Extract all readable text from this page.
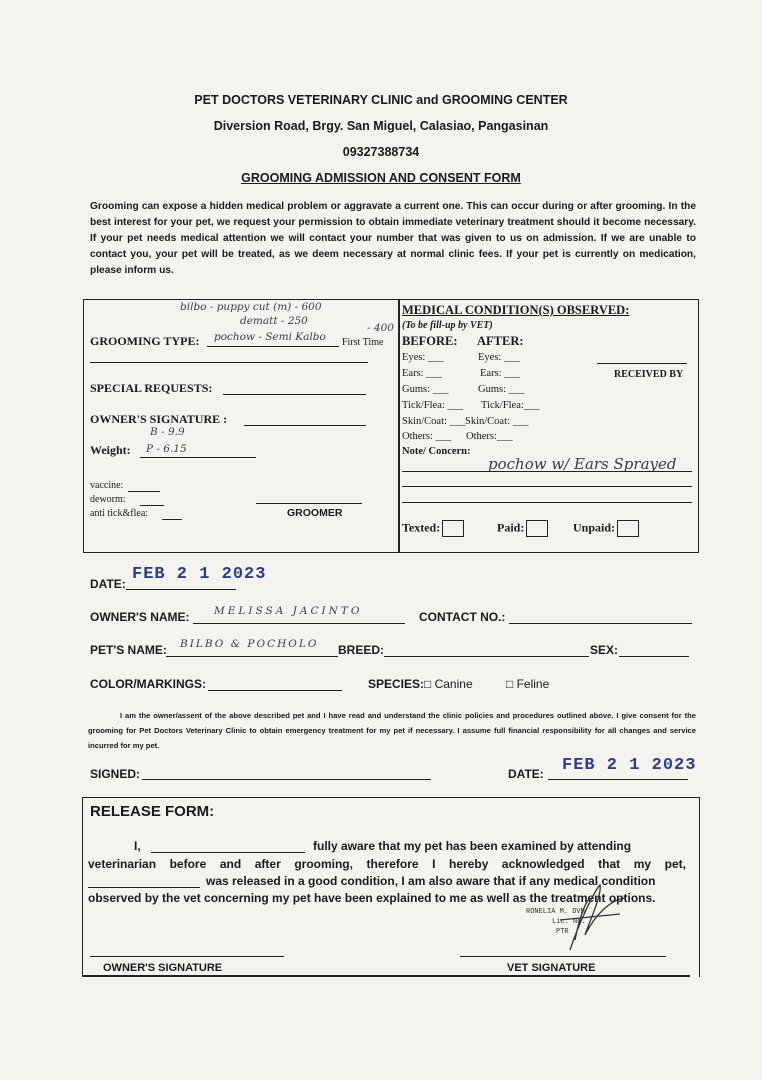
PET DOCTORS VETERINARY CLINIC and GROOMING CENTER
Diversion Road, Brgy. San Miguel, Calasiao, Pangasinan
09327388734
GROOMING ADMISSION AND CONSENT FORM
Grooming can expose a hidden medical problem or aggravate a current one. This can occur during or after grooming. In the best interest for your pet, we request your permission to obtain immediate veterinary treatment should it become necessary. If your pet needs medical attention we will contact your number that was given to us on admission. If we are unable to contact you, your pet will be treated, as we deem necessary at normal clinic fees. If your pet is currently on medication, please inform us.
bilbo - puppy cut (m) - 600
dematt - 250
- 400
GROOMING TYPE: pochow - Semi Kalbo First Time
SPECIAL REQUESTS:
OWNER'S SIGNATURE :
B - 9.9
Weight: P - 6.15
vaccine:
deworm:
anti tick&flea:	GROOMER
MEDICAL CONDITION(S) OBSERVED:
(To be fill-up by VET)
BEFORE: AFTER:
Eyes: ___	Eyes: ___
Ears: ___	Ears: ___
Gums: ___	Gums: ___
Tick/Flea: ___ Tick/Flea:___
Skin/Coat: ___ Skin/Coat: ___
Others: ___ Others:___
RECEIVED BY
Note/ Concern:
pochow w/ Ears Sprayed
Texted:	Paid:	Unpaid:
DATE: FEB 2 1 2023
OWNER'S NAME: MELISSA JACINTO	CONTACT NO.:
PET'S NAME: BILBO & POCHOLO BREED:	SEX:
COLOR/MARKINGS:	SPECIES: □ Canine	□ Feline
I am the owner/assent of the above described pet and I have read and understand the clinic policies and procedures outlined above. I give consent for the grooming for Pet Doctors Veterinary Clinic to obtain emergency treatment for my pet if necessary. I assume full financial responsibility for all changes and service incurred for my pet.
SIGNED:	DATE: FEB 2 1 2023
RELEASE FORM:
I,	fully aware that my pet has been examined by attending
veterinarian before and after grooming, therefore I hereby acknowledged that my pet,
was released in a good condition, I am also aware that if any medical condition
observed by the vet concerning my pet have been explained to me as well as the treatment options.
RONELIA M. DVM
Lic. No.
PTR
OWNER'S SIGNATURE	VET SIGNATURE
